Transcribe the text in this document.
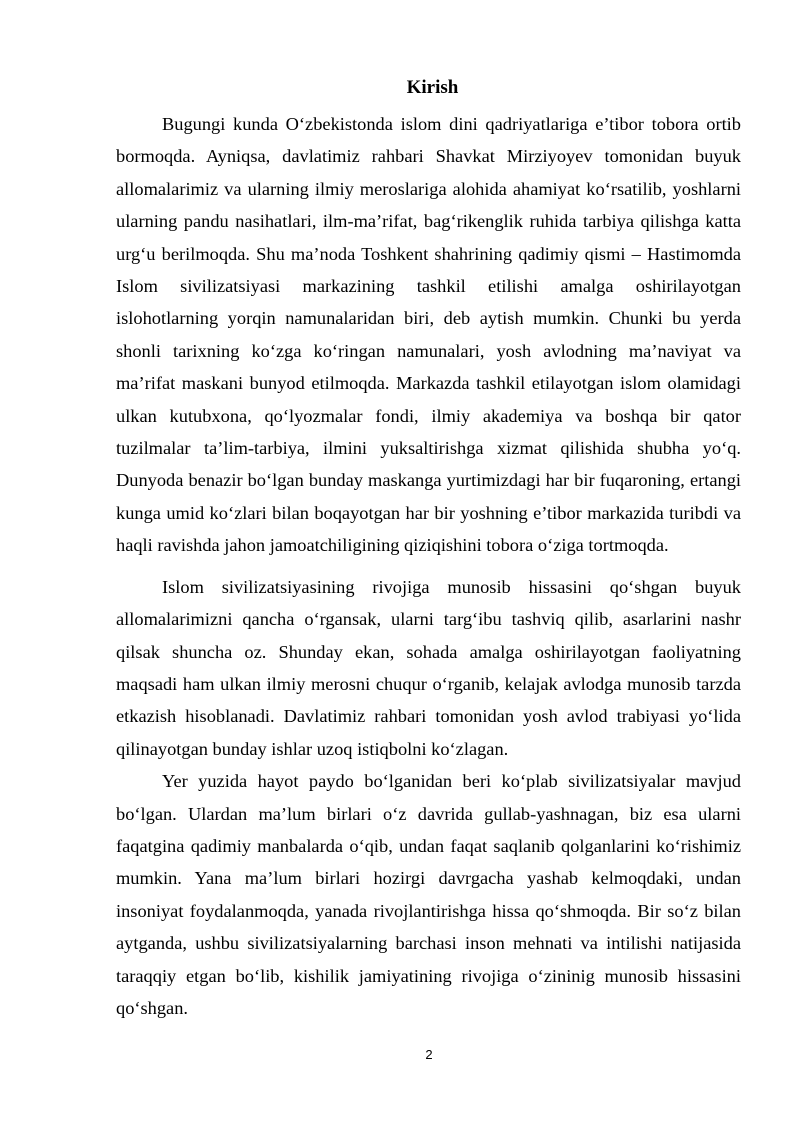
Kirish

Bugungi kunda O‘zbekistonda islom dini qadriyatlariga e’tibor tobora ortib bormoqda. Ayniqsa, davlatimiz rahbari Shavkat Mirziyoyev tomonidan buyuk allomalarimiz va ularning ilmiy meroslariga alohida ahamiyat ko‘rsatilib, yoshlarni ularning pandu nasihatlari, ilm-ma’rifat, bag‘rikenglik ruhida tarbiya qilishga katta urg‘u berilmoqda. Shu ma’noda Toshkent shahrining qadimiy qismi – Hastimomda Islom sivilizatsiyasi markazining tashkil etilishi amalga oshirilayotgan islohotlarning yorqin namunalaridan biri, deb aytish mumkin. Chunki bu yerda shonli tarixning ko‘zga ko‘ringan namunalari, yosh avlodning ma’naviyat va ma’rifat maskani bunyod etilmoqda. Markazda tashkil etilayotgan islom olamidagi ulkan kutubxona, qo‘lyozmalar fondi, ilmiy akademiya va boshqa bir qator tuzilmalar ta’lim-tarbiya, ilmini yuksaltirishga xizmat qilishida shubha yo‘q. Dunyoda benazir bo‘lgan bunday maskanga yurtimizdagi har bir fuqaroning, ertangi kunga umid ko‘zlari bilan boqayotgan har bir yoshning e’tibor markazida turibdi va haqli ravishda jahon jamoatchiligining qiziqishini tobora o‘ziga tortmoqda.

Islom sivilizatsiyasining rivojiga munosib hissasini qo‘shgan buyuk allomalarimizni qancha o‘rgansak, ularni targ‘ibu tashviq qilib, asarlarini nashr qilsak shuncha oz. Shunday ekan, sohada amalga oshirilayotgan faoliyatning maqsadi ham ulkan ilmiy merosni chuqur o‘rganib, kelajak avlodga munosib tarzda etkazish hisoblanadi. Davlatimiz rahbari tomonidan yosh avlod trabiyasi yo‘lida qilinayotgan bunday ishlar uzoq istiqbolni ko‘zlagan.

Yer yuzida hayot paydo bo‘lganidan beri ko‘plab sivilizatsiyalar mavjud bo‘lgan. Ulardan ma’lum birlari o‘z davrida gullab-yashnagan, biz esa ularni faqatgina qadimiy manbalarda o‘qib, undan faqat saqlanib qolganlarini ko‘rishimiz mumkin. Yana ma’lum birlari hozirgi davrgacha yashab kelmoqdaki, undan insoniyat foydalanmoqda, yanada rivojlantirishga hissa qo‘shmoqda. Bir so‘z bilan aytganda, ushbu sivilizatsiyalarning barchasi inson mehnati va intilishi natijasida taraqqiy etgan bo‘lib, kishilik jamiyatining rivojiga o‘zininig munosib hissasini qo‘shgan.

2
